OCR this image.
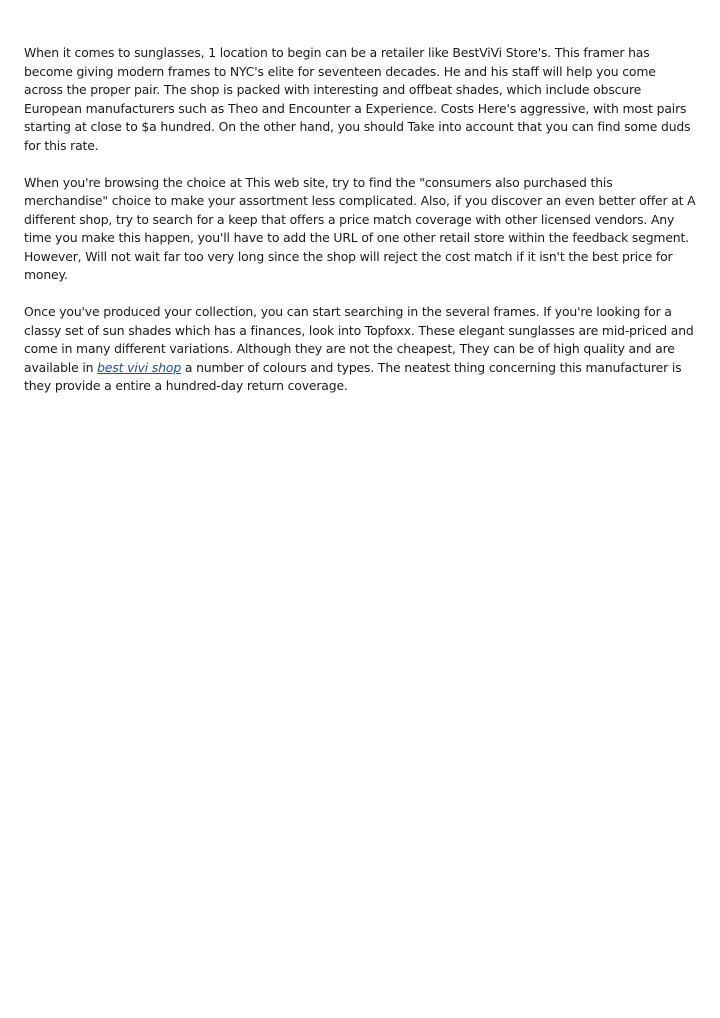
When it comes to sunglasses, 1 location to begin can be a retailer like BestViVi Store's. This framer has become giving modern frames to NYC's elite for seventeen decades. He and his staff will help you come across the proper pair. The shop is packed with interesting and offbeat shades, which include obscure European manufacturers such as Theo and Encounter a Experience. Costs Here's aggressive, with most pairs starting at close to $a hundred. On the other hand, you should Take into account that you can find some duds for this rate.

When you're browsing the choice at This web site, try to find the "consumers also purchased this merchandise" choice to make your assortment less complicated. Also, if you discover an even better offer at A different shop, try to search for a keep that offers a price match coverage with other licensed vendors. Any time you make this happen, you'll have to add the URL of one other retail store within the feedback segment. However, Will not wait far too very long since the shop will reject the cost match if it isn't the best price for money.

Once you've produced your collection, you can start searching in the several frames. If you're looking for a classy set of sun shades which has a finances, look into Topfoxx. These elegant sunglasses are mid-priced and come in many different variations. Although they are not the cheapest, They can be of high quality and are available in best vivi shop a number of colours and types. The neatest thing concerning this manufacturer is they provide a entire a hundred-day return coverage.
